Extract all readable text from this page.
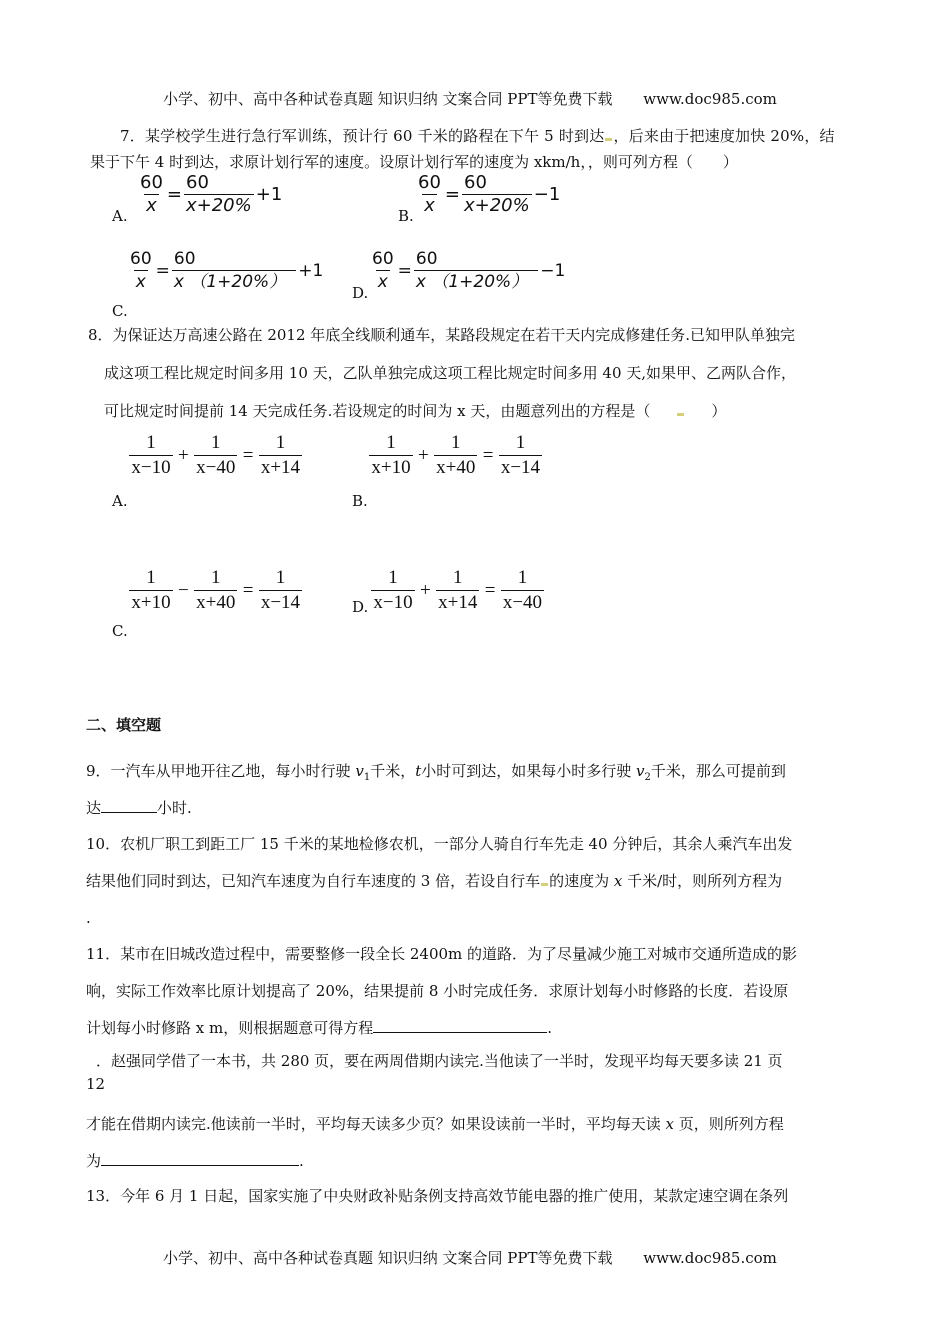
小学、初中、高中各种试卷真题 知识归纳 文案合同 PPT等免费下载 www.doc985.com
7．某学校学生进行急行军训练，预计行 60 千米的路程在下午 5 时到达 ，后来由于把速度加快 20%，结
果于下午 4 时到达，求原计划行军的速度。设原计划行军的速度为 xkm/h，，则可列方程（　　）
A. $\frac{60}{x} = \frac{60}{x+20\%} +1$
B. $\frac{60}{x} = \frac{60}{x+20\%} -1$
$\frac{60}{x} = \frac{60}{x (1+20\%)} +1$
C.
D. $\frac{60}{x} = \frac{60}{x (1+20\%)} -1$
8．为保证达万高速公路在 2012 年底全线顺利通车，某路段规定在若干天内完成修建任务.已知甲队单独完
成这项工程比规定时间多用 10 天，乙队单独完成这项工程比规定时间多用 40 天,如果甲、乙两队合作，
可比规定时间提前 14 天完成任务.若设规定的时间为 x 天，由题意列出的方程是（	）
$\frac{1}{x-10} + \frac{1}{x-40} = \frac{1}{x+14}$
A.
$\frac{1}{x+10} + \frac{1}{x+40} = \frac{1}{x-14}$
B.
$\frac{1}{x+10} - \frac{1}{x+40} = \frac{1}{x-14}$
C.
D. $\frac{1}{x-10} + \frac{1}{x+14} = \frac{1}{x-40}$
二、填空题
9．一汽车从甲地开往乙地，每小时行驶 $v_1$千米，t小时可到达，如果每小时多行驶 $v_2$千米，那么可提前到
达	小时.
10．农机厂职工到距工厂 15 千米的某地检修农机，一部分人骑自行车先走 40 分钟后，其余人乘汽车出发
结果他们同时到达，已知汽车速度为自行车速度的 3 倍，若设自行车 的速度为 x 千米/时，则所列方程为
.
11．某市在旧城改造过程中，需要整修一段全长 2400m 的道路．为了尽量减少施工对城市交通所造成的影
响，实际工作效率比原计划提高了 20%，结果提前 8 小时完成任务．求原计划每小时修路的长度．若设原
计划每小时修路 x m，则根据题意可得方程	.
．赵强同学借了一本书，共 280 页，要在两周借期内读完.当他读了一半时，发现平均每天要多读 21 页
12
才能在借期内读完.他读前一半时，平均每天读多少页？如果设读前一半时，平均每天读 x 页，则所列方程
为	.
13．今年 6 月 1 日起，国家实施了中央财政补贴条例支持高效节能电器的推广使用，某款定速空调在条列
小学、初中、高中各种试卷真题 知识归纳 文案合同 PPT等免费下载 www.doc985.com
